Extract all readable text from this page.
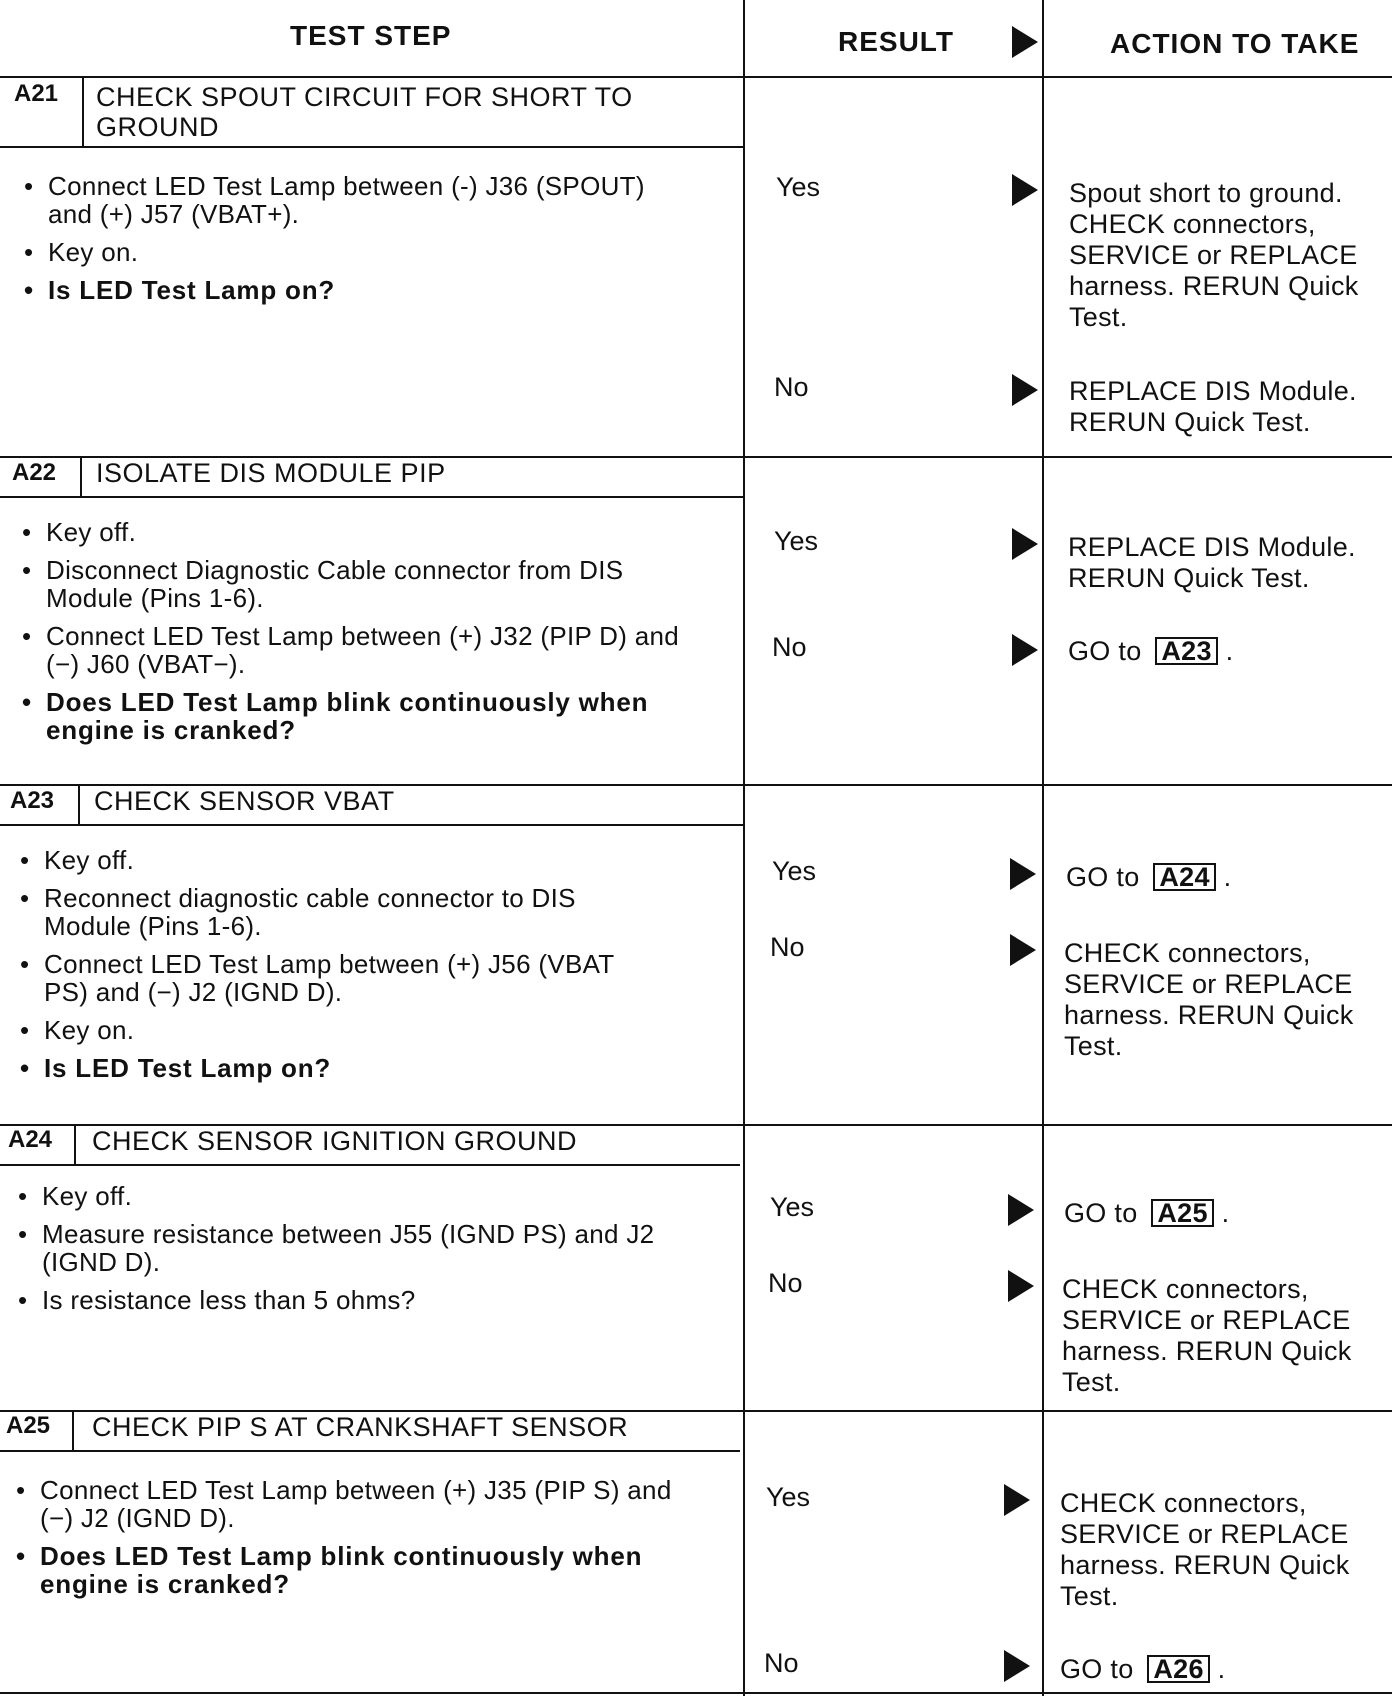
TEST STEP	RESULT	ACTION TO TAKE
A21 CHECK SPOUT CIRCUIT FOR SHORT TO GROUND
• Connect LED Test Lamp between (-) J36 (SPOUT) and (+) J57 (VBAT+).
• Key on.
• Is LED Test Lamp on?
Yes	Spout short to ground. CHECK connectors, SERVICE or REPLACE harness. RERUN Quick Test.
No	REPLACE DIS Module. RERUN Quick Test.
A22 ISOLATE DIS MODULE PIP
• Key off.
• Disconnect Diagnostic Cable connector from DIS Module (Pins 1-6).
• Connect LED Test Lamp between (+) J32 (PIP D) and (−) J60 (VBAT−).
• Does LED Test Lamp blink continuously when engine is cranked?
Yes	REPLACE DIS Module. RERUN Quick Test.
No	GO to A23 .
A23 CHECK SENSOR VBAT
• Key off.
• Reconnect diagnostic cable connector to DIS Module (Pins 1-6).
• Connect LED Test Lamp between (+) J56 (VBAT PS) and (−) J2 (IGND D).
• Key on.
• Is LED Test Lamp on?
Yes	GO to A24 .
No	CHECK connectors, SERVICE or REPLACE harness. RERUN Quick Test.
A24 CHECK SENSOR IGNITION GROUND
• Key off.
• Measure resistance between J55 (IGND PS) and J2 (IGND D).
• Is resistance less than 5 ohms?
Yes	GO to A25 .
No	CHECK connectors, SERVICE or REPLACE harness. RERUN Quick Test.
A25 CHECK PIP S AT CRANKSHAFT SENSOR
• Connect LED Test Lamp between (+) J35 (PIP S) and (−) J2 (IGND D).
• Does LED Test Lamp blink continuously when engine is cranked?
Yes	CHECK connectors, SERVICE or REPLACE harness. RERUN Quick Test.
No	GO to A26 .
